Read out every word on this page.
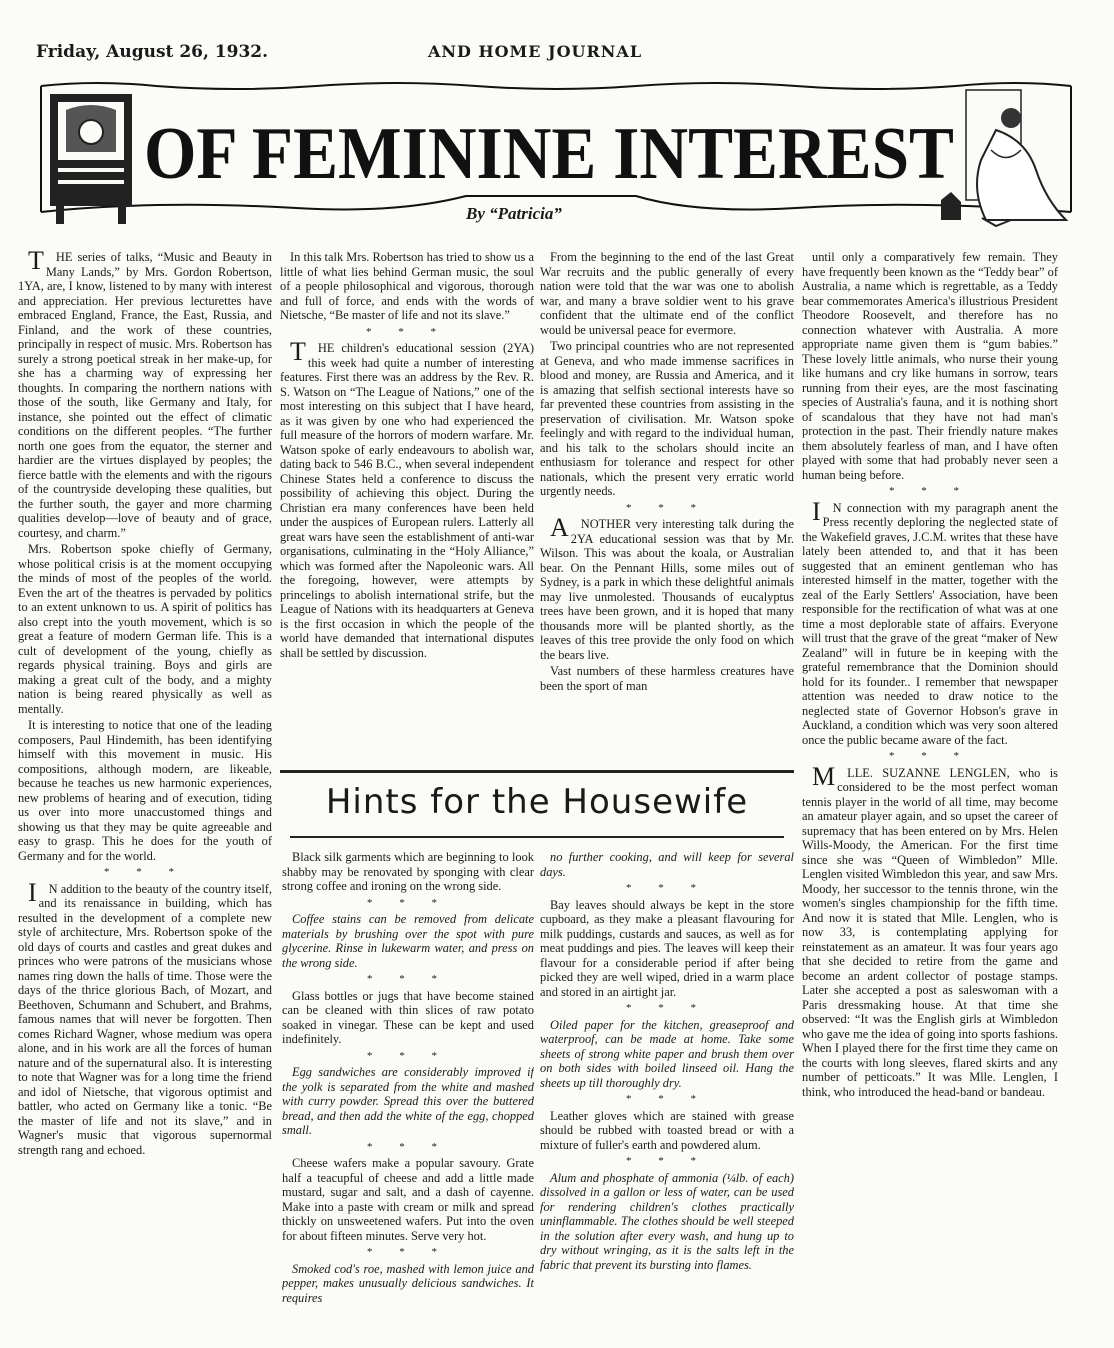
Friday, August 26, 1932.	AND HOME JOURNAL
OF FEMININE INTEREST
By “Patricia”

THE series of talks, “Music and Beauty in Many Lands,” by Mrs. Gordon Robertson, 1YA, are, I know, listened to by many with interest and appreciation. Her previous lecturettes have embraced England, France, the East, Russia, and Finland, and the work of these countries, principally in respect of music. Mrs. Robertson has surely a strong poetical streak in her make-up, for she has a charming way of expressing her thoughts. In comparing the northern nations with those of the south, like Germany and Italy, for instance, she pointed out the effect of climatic conditions on the different peoples. “The further north one goes from the equator, the sterner and hardier are the virtues displayed by peoples; the fierce battle with the elements and with the rigours of the countryside developing these qualities, but the further south, the gayer and more charming qualities develop—love of beauty and of grace, courtesy, and charm.”

Mrs. Robertson spoke chiefly of Germany, whose political crisis is at the moment occupying the minds of most of the peoples of the world. Even the art of the theatres is pervaded by politics to an extent unknown to us. A spirit of politics has also crept into the youth movement, which is so great a feature of modern German life. This is a cult of development of the young, chiefly as regards physical training. Boys and girls are making a great cult of the body, and a mighty nation is being reared physically as well as mentally.

It is interesting to notice that one of the leading composers, Paul Hindemith, has been identifying himself with this movement in music. His compositions, although modern, are likeable, because he teaches us new harmonic experiences, new problems of hearing and of execution, tiding us over into more unaccustomed things and showing us that they may be quite agreeable and easy to grasp. This he does for the youth of Germany and for the world.

* * *

IN addition to the beauty of the country itself, and its renaissance in building, which has resulted in the development of a complete new style of architecture, Mrs. Robertson spoke of the old days of courts and castles and great dukes and princes who were patrons of the musicians whose names ring down the halls of time. Those were the days of the thrice glorious Bach, of Mozart, and Beethoven, Schumann and Schubert, and Brahms, famous names that will never be forgotten. Then comes Richard Wagner, whose medium was opera alone, and in his work are all the forces of human nature and of the supernatural also. It is interesting to note that Wagner was for a long time the friend and idol of Nietsche, that vigorous optimist and battler, who acted on Germany like a tonic. “Be the master of life and not its slave,” and in Wagner's music that vigorous supernormal strength rang and echoed.

In this talk Mrs. Robertson has tried to show us a little of what lies behind German music, the soul of a people philosophical and vigorous, thorough and full of force, and ends with the words of Nietsche, “Be master of life and not its slave.”

* * *

THE children's educational session (2YA) this week had quite a number of interesting features. First there was an address by the Rev. R. S. Watson on “The League of Nations,” one of the most interesting on this subject that I have heard, as it was given by one who had experienced the full measure of the horrors of modern warfare. Mr. Watson spoke of early endeavours to abolish war, dating back to 546 B.C., when several independent Chinese States held a conference to discuss the possibility of achieving this object. During the Christian era many conferences have been held under the auspices of European rulers. Latterly all great wars have seen the establishment of anti-war organisations, culminating in the “Holy Alliance,” which was formed after the Napoleonic wars. All the foregoing, however, were attempts by princelings to abolish international strife, but the League of Nations with its headquarters at Geneva is the first occasion in which the people of the world have demanded that international disputes shall be settled by discussion.

From the beginning to the end of the last Great War recruits and the public generally of every nation were told that the war was one to abolish war, and many a brave soldier went to his grave confident that the ultimate end of the conflict would be universal peace for evermore.

Two principal countries who are not represented at Geneva, and who made immense sacrifices in blood and money, are Russia and America, and it is amazing that selfish sectional interests have so far prevented these countries from assisting in the preservation of civilisation. Mr. Watson spoke feelingly and with regard to the individual human, and his talk to the scholars should incite an enthusiasm for tolerance and respect for other nationals, which the present very erratic world urgently needs.

* * *

ANOTHER very interesting talk during the 2YA educational session was that by Mr. Wilson. This was about the koala, or Australian bear. On the Pennant Hills, some miles out of Sydney, is a park in which these delightful animals may live unmolested. Thousands of eucalyptus trees have been grown, and it is hoped that many thousands more will be planted shortly, as the leaves of this tree provide the only food on which the bears live.

Vast numbers of these harmless creatures have been the sport of man

until only a comparatively few remain. They have frequently been known as the “Teddy bear” of Australia, a name which is regrettable, as a Teddy bear commemorates America's illustrious President Theodore Roosevelt, and therefore has no connection whatever with Australia. A more appropriate name given them is “gum babies.” These lovely little animals, who nurse their young like humans and cry like humans in sorrow, tears running from their eyes, are the most fascinating species of Australia's fauna, and it is nothing short of scandalous that they have not had man's protection in the past. Their friendly nature makes them absolutely fearless of man, and I have often played with some that had probably never seen a human being before.

* * *

IN connection with my paragraph anent the Press recently deploring the neglected state of the Wakefield graves, J.C.M. writes that these have lately been attended to, and that it has been suggested that an eminent gentleman who has interested himself in the matter, together with the zeal of the Early Settlers' Association, have been responsible for the rectification of what was at one time a most deplorable state of affairs. Everyone will trust that the grave of the great “maker of New Zealand” will in future be in keeping with the grateful remembrance that the Dominion should hold for its founder.. I remember that newspaper attention was needed to draw notice to the neglected state of Governor Hobson's grave in Auckland, a condition which was very soon altered once the public became aware of the fact.

* * *

MLLE. SUZANNE LENGLEN, who is considered to be the most perfect woman tennis player in the world of all time, may become an amateur player again, and so upset the career of supremacy that has been entered on by Mrs. Helen Wills-Moody, the American. For the first time since she was “Queen of Wimbledon” Mlle. Lenglen visited Wimbledon this year, and saw Mrs. Moody, her successor to the tennis throne, win the women's singles championship for the fifth time. And now it is stated that Mlle. Lenglen, who is now 33, is contemplating applying for reinstatement as an amateur. It was four years ago that she decided to retire from the game and become an ardent collector of postage stamps. Later she accepted a post as saleswoman with a Paris dressmaking house. At that time she observed: “It was the English girls at Wimbledon who gave me the idea of going into sports fashions. When I played there for the first time they came on the courts with long sleeves, flared skirts and any number of petticoats.” It was Mlle. Lenglen, I think, who introduced the head-band or bandeau.

Hints for the Housewife

Black silk garments which are beginning to look shabby may be renovated by sponging with clear strong coffee and ironing on the wrong side.

* * *

Coffee stains can be removed from delicate materials by brushing over the spot with pure glycerine. Rinse in lukewarm water, and press on the wrong side.

* * *

Glass bottles or jugs that have become stained can be cleaned with thin slices of raw potato soaked in vinegar. These can be kept and used indefinitely.

* * *

Egg sandwiches are considerably improved if the yolk is separated from the white and mashed with curry powder. Spread this over the buttered bread, and then add the white of the egg, chopped small.

* * *

Cheese wafers make a popular savoury. Grate half a teacupful of cheese and add a little made mustard, sugar and salt, and a dash of cayenne. Make into a paste with cream or milk and spread thickly on unsweetened wafers. Put into the oven for about fifteen minutes. Serve very hot.

* * *

Smoked cod's roe, mashed with lemon juice and pepper, makes unusually delicious sandwiches. It requires

no further cooking, and will keep for several days.

* * *

Bay leaves should always be kept in the store cupboard, as they make a pleasant flavouring for milk puddings, custards and sauces, as well as for meat puddings and pies. The leaves will keep their flavour for a considerable period if after being picked they are well wiped, dried in a warm place and stored in an airtight jar.

* * *

Oiled paper for the kitchen, greaseproof and waterproof, can be made at home. Take some sheets of strong white paper and brush them over on both sides with boiled linseed oil. Hang the sheets up till thoroughly dry.

* * *

Leather gloves which are stained with grease should be rubbed with toasted bread or with a mixture of fuller's earth and powdered alum.

* * *

Alum and phosphate of ammonia (¼lb. of each) dissolved in a gallon or less of water, can be used for rendering children's clothes practically uninflammable. The clothes should be well steeped in the solution after every wash, and hung up to dry without wringing, as it is the salts left in the fabric that prevent its bursting into flames.
